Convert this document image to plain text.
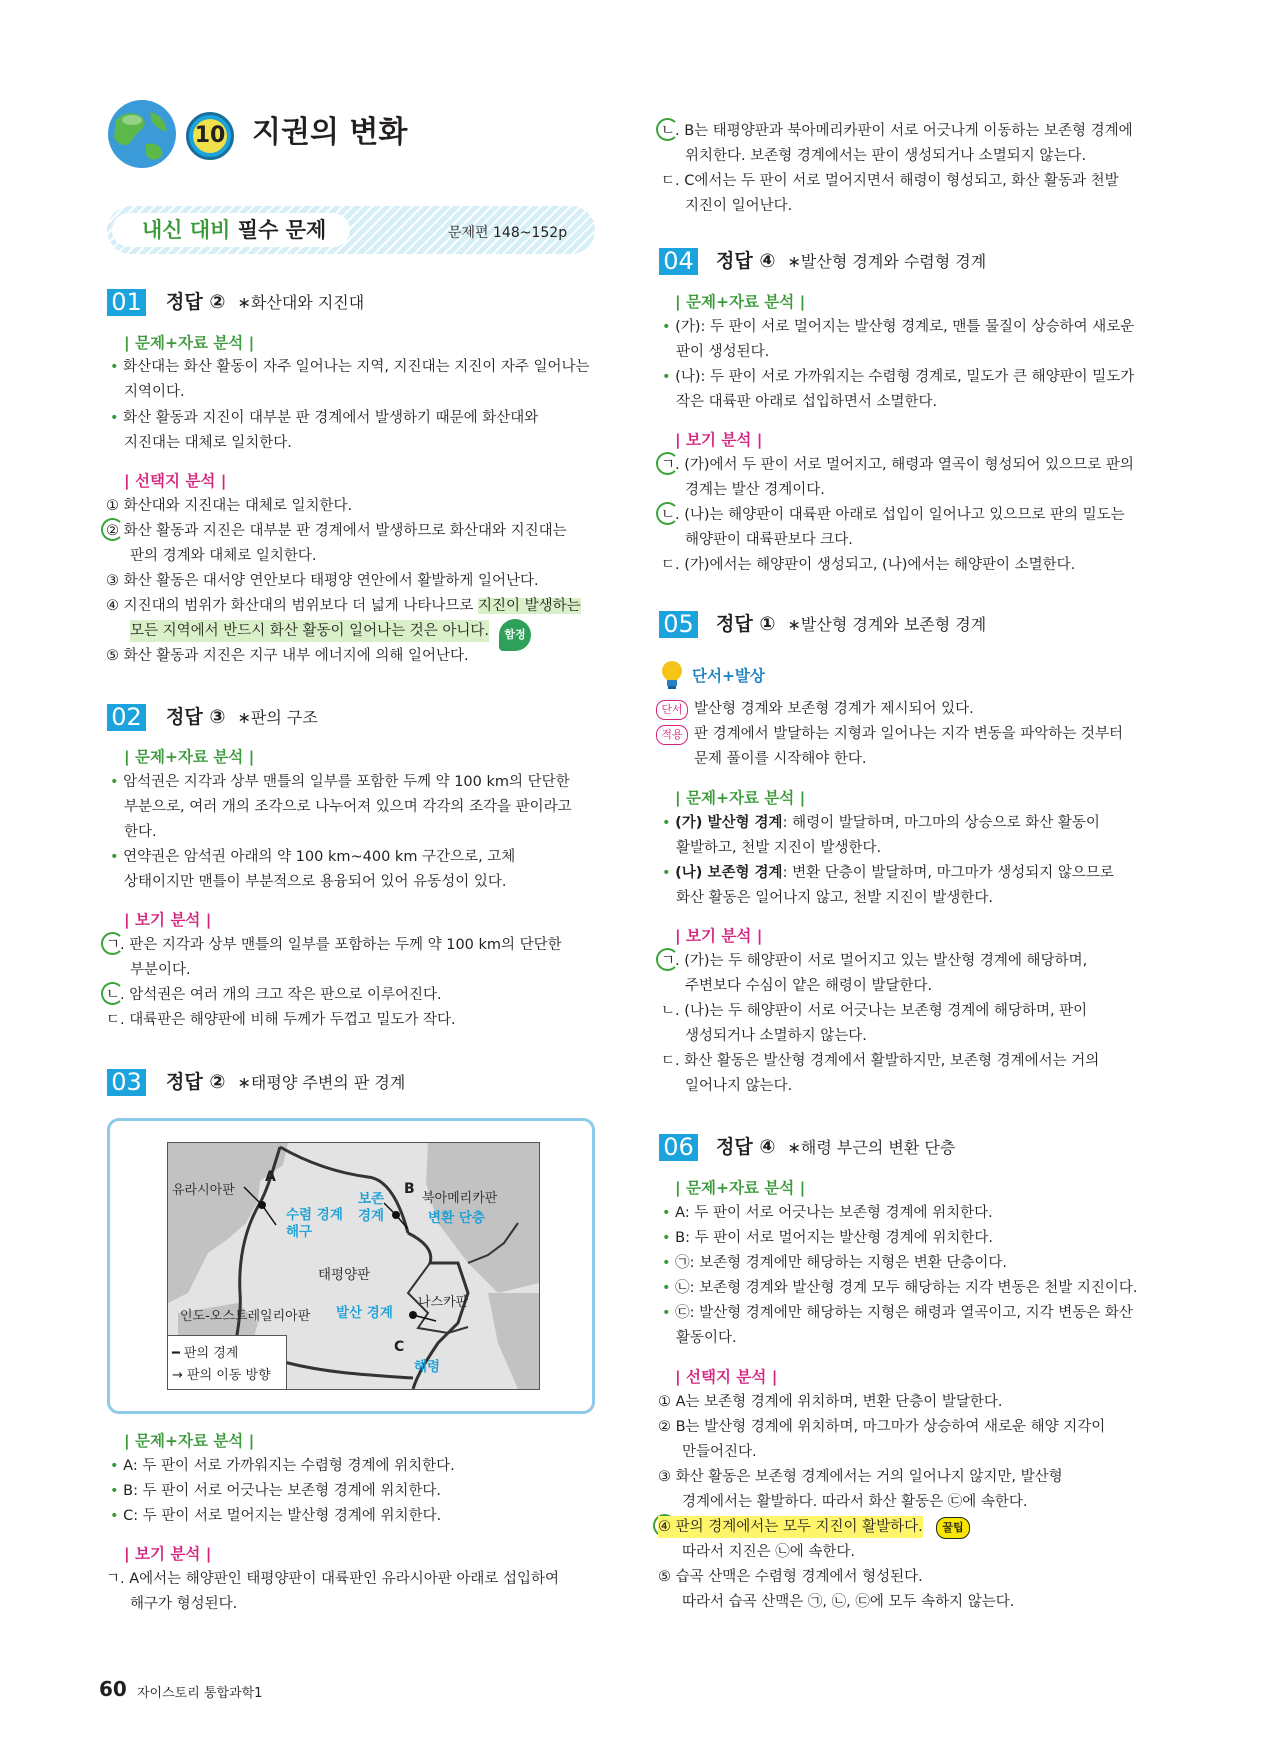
10 지권의 변화
내신 대비 필수 문제	문제편 148~152p
01 정답 ② ∗화산대와 지진대
| 문제+자료 분석 |
• 화산대는 화산 활동이 자주 일어나는 지역, 지진대는 지진이 자주 일어나는
지역이다.
• 화산 활동과 지진이 대부분 판 경계에서 발생하기 때문에 화산대와
지진대는 대체로 일치한다.
| 선택지 분석 |
① 화산대와 지진대는 대체로 일치한다.
② 화산 활동과 지진은 대부분 판 경계에서 발생하므로 화산대와 지진대는
판의 경계와 대체로 일치한다.
③ 화산 활동은 대서양 연안보다 태평양 연안에서 활발하게 일어난다.
④ 지진대의 범위가 화산대의 범위보다 더 넓게 나타나므로 지진이 발생하는
모든 지역에서 반드시 화산 활동이 일어나는 것은 아니다.	함정
⑤ 화산 활동과 지진은 지구 내부 에너지에 의해 일어난다.
02 정답 ③ ∗판의 구조
| 문제+자료 분석 |
• 암석권은 지각과 상부 맨틀의 일부를 포함한 두께 약 100 km의 단단한
부분으로, 여러 개의 조각으로 나누어져 있으며 각각의 조각을 판이라고
한다.
• 연약권은 암석권 아래의 약 100 km~400 km 구간으로, 고체
상태이지만 맨틀이 부분적으로 용융되어 있어 유동성이 있다.
| 보기 분석 |
ㄱ. 판은 지각과 상부 맨틀의 일부를 포함하는 두께 약 100 km의 단단한
부분이다.
ㄴ. 암석권은 여러 개의 크고 작은 판으로 이루어진다.
ㄷ. 대륙판은 해양판에 비해 두께가 두껍고 밀도가 작다.
03 정답 ② ∗태평양 주변의 판 경계
유라시아판
A
수렴 경계
해구
보존
경계
B
북아메리카판
변환 단층
태평양판
나스카판
발산 경계
인도-오스트레일리아판
C
해령
━ 판의 경계
→ 판의 이동 방향
| 문제+자료 분석 |
• A: 두 판이 서로 가까워지는 수렴형 경계에 위치한다.
• B: 두 판이 서로 어긋나는 보존형 경계에 위치한다.
• C: 두 판이 서로 멀어지는 발산형 경계에 위치한다.
| 보기 분석 |
ㄱ. A에서는 해양판인 태평양판이 대륙판인 유라시아판 아래로 섭입하여
해구가 형성된다.
ㄴ. B는 태평양판과 북아메리카판이 서로 어긋나게 이동하는 보존형 경계에
위치한다. 보존형 경계에서는 판이 생성되거나 소멸되지 않는다.
ㄷ. C에서는 두 판이 서로 멀어지면서 해령이 형성되고, 화산 활동과 천발
지진이 일어난다.
04 정답 ④ ∗발산형 경계와 수렴형 경계
| 문제+자료 분석 |
• (가): 두 판이 서로 멀어지는 발산형 경계로, 맨틀 물질이 상승하여 새로운
판이 생성된다.
• (나): 두 판이 서로 가까워지는 수렴형 경계로, 밀도가 큰 해양판이 밀도가
작은 대륙판 아래로 섭입하면서 소멸한다.
| 보기 분석 |
ㄱ. (가)에서 두 판이 서로 멀어지고, 해령과 열곡이 형성되어 있으므로 판의
경계는 발산 경계이다.
ㄴ. (나)는 해양판이 대륙판 아래로 섭입이 일어나고 있으므로 판의 밀도는
해양판이 대륙판보다 크다.
ㄷ. (가)에서는 해양판이 생성되고, (나)에서는 해양판이 소멸한다.
05 정답 ① ∗발산형 경계와 보존형 경계
단서+발상
단서 발산형 경계와 보존형 경계가 제시되어 있다.
적용 판 경계에서 발달하는 지형과 일어나는 지각 변동을 파악하는 것부터
문제 풀이를 시작해야 한다.
| 문제+자료 분석 |
• (가) 발산형 경계: 해령이 발달하며, 마그마의 상승으로 화산 활동이
활발하고, 천발 지진이 발생한다.
• (나) 보존형 경계: 변환 단층이 발달하며, 마그마가 생성되지 않으므로
화산 활동은 일어나지 않고, 천발 지진이 발생한다.
| 보기 분석 |
ㄱ. (가)는 두 해양판이 서로 멀어지고 있는 발산형 경계에 해당하며,
주변보다 수심이 얕은 해령이 발달한다.
ㄴ. (나)는 두 해양판이 서로 어긋나는 보존형 경계에 해당하며, 판이
생성되거나 소멸하지 않는다.
ㄷ. 화산 활동은 발산형 경계에서 활발하지만, 보존형 경계에서는 거의
일어나지 않는다.
06 정답 ④ ∗해령 부근의 변환 단층
| 문제+자료 분석 |
• A: 두 판이 서로 어긋나는 보존형 경계에 위치한다.
• B: 두 판이 서로 멀어지는 발산형 경계에 위치한다.
• ㉠: 보존형 경계에만 해당하는 지형은 변환 단층이다.
• ㉡: 보존형 경계와 발산형 경계 모두 해당하는 지각 변동은 천발 지진이다.
• ㉢: 발산형 경계에만 해당하는 지형은 해령과 열곡이고, 지각 변동은 화산
활동이다.
| 선택지 분석 |
① A는 보존형 경계에 위치하며, 변환 단층이 발달한다.
② B는 발산형 경계에 위치하며, 마그마가 상승하여 새로운 해양 지각이
만들어진다.
③ 화산 활동은 보존형 경계에서는 거의 일어나지 않지만, 발산형
경계에서는 활발하다. 따라서 화산 활동은 ㉢에 속한다.
④ 판의 경계에서는 모두 지진이 활발하다.	꿀팁
따라서 지진은 ㉡에 속한다.
⑤ 습곡 산맥은 수렴형 경계에서 형성된다.
따라서 습곡 산맥은 ㉠, ㉡, ㉢에 모두 속하지 않는다.
60 자이스토리 통합과학1
